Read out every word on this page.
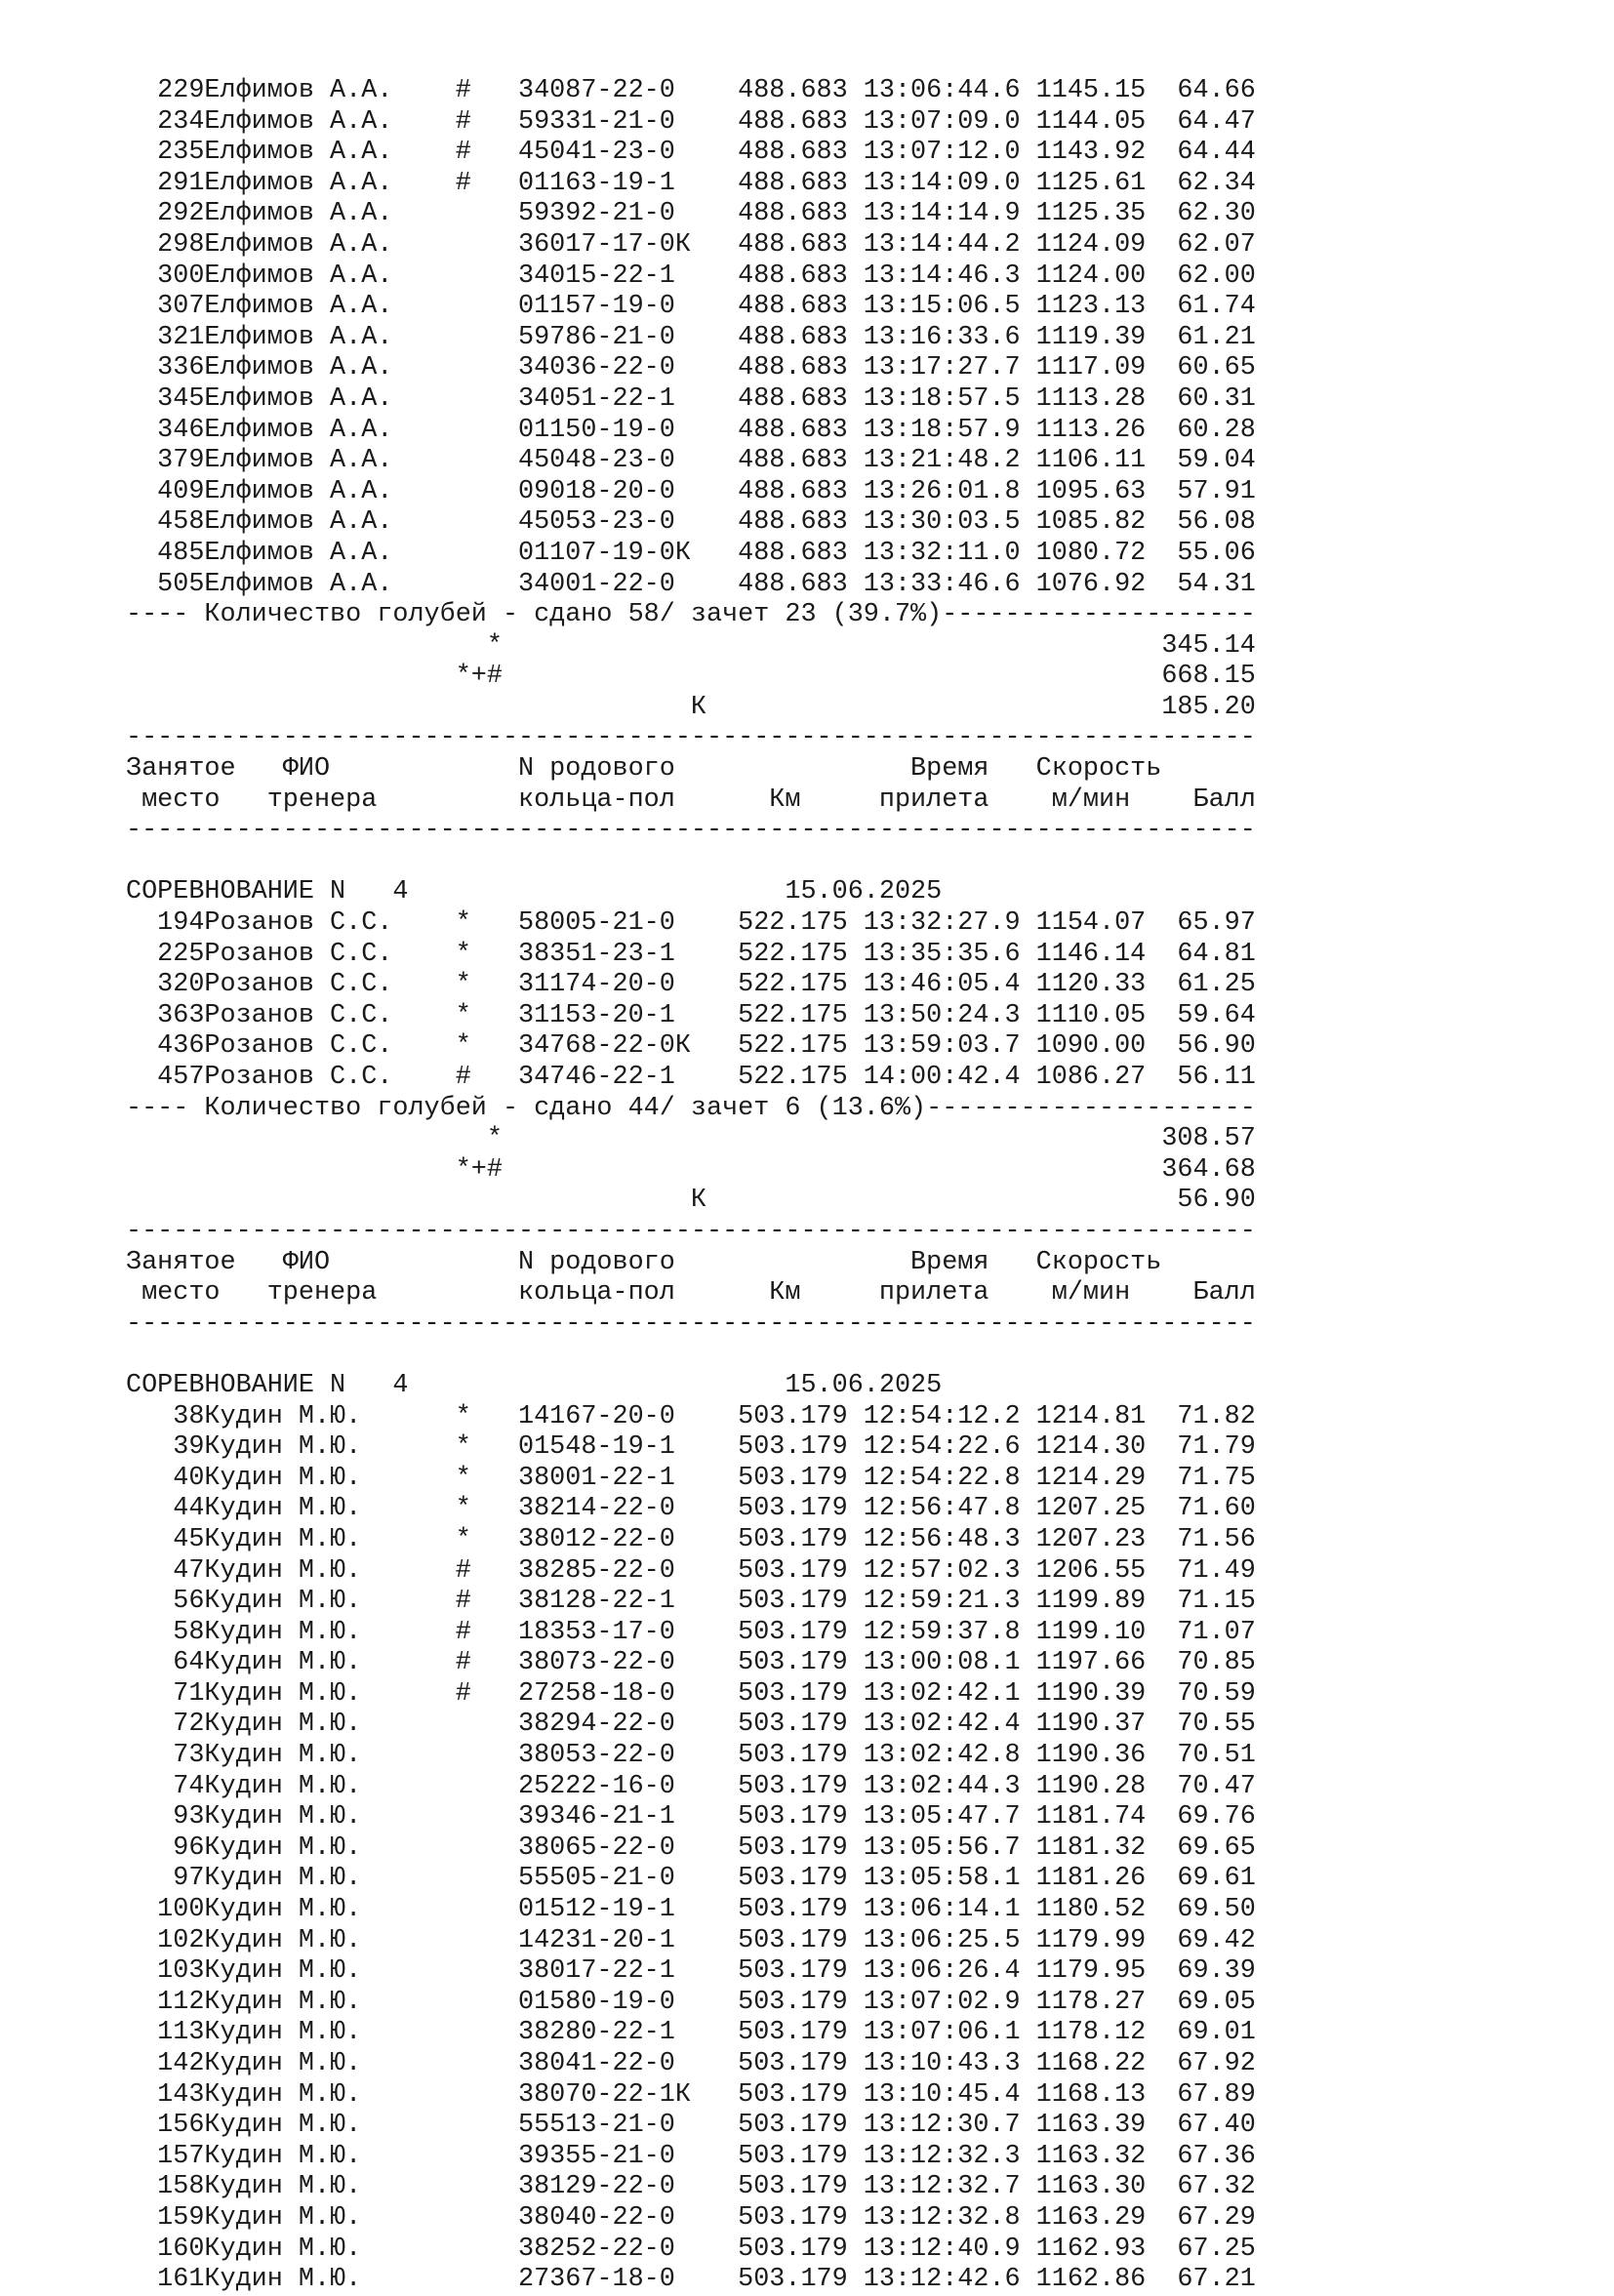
229Елфимов А.А.    #   34087-22-0    488.683 13:06:44.6 1145.15  64.66
234Елфимов А.А.    #   59331-21-0    488.683 13:07:09.0 1144.05  64.47
235Елфимов А.А.    #   45041-23-0    488.683 13:07:12.0 1143.92  64.44
291Елфимов А.А.    #   01163-19-1    488.683 13:14:09.0 1125.61  62.34
292Елфимов А.А.        59392-21-0    488.683 13:14:14.9 1125.35  62.30
298Елфимов А.А.        36017-17-0К   488.683 13:14:44.2 1124.09  62.07
300Елфимов А.А.        34015-22-1    488.683 13:14:46.3 1124.00  62.00
307Елфимов А.А.        01157-19-0    488.683 13:15:06.5 1123.13  61.74
321Елфимов А.А.        59786-21-0    488.683 13:16:33.6 1119.39  61.21
336Елфимов А.А.        34036-22-0    488.683 13:17:27.7 1117.09  60.65
345Елфимов А.А.        34051-22-1    488.683 13:18:57.5 1113.28  60.31
346Елфимов А.А.        01150-19-0    488.683 13:18:57.9 1113.26  60.28
379Елфимов А.А.        45048-23-0    488.683 13:21:48.2 1106.11  59.04
409Елфимов А.А.        09018-20-0    488.683 13:26:01.8 1095.63  57.91
458Елфимов А.А.        45053-23-0    488.683 13:30:03.5 1085.82  56.08
485Елфимов А.А.        01107-19-0К   488.683 13:32:11.0 1080.72  55.06
505Елфимов А.А.        34001-22-0    488.683 13:33:46.6 1076.92  54.31
---- Количество голубей - сдано 58/ зачет 23 (39.7%)--------------------
*                                          345.14
*+#                                          668.15
К                             185.20
------------------------------------------------------------------------
Занятое   ФИО            N родового               Время   Скорость
место   тренера         кольца-пол      Км     прилета    м/мин    Балл
------------------------------------------------------------------------
СОРЕВНОВАНИЕ N   4                        15.06.2025
194Розанов С.С.    *   58005-21-0    522.175 13:32:27.9 1154.07  65.97
225Розанов С.С.    *   38351-23-1    522.175 13:35:35.6 1146.14  64.81
320Розанов С.С.    *   31174-20-0    522.175 13:46:05.4 1120.33  61.25
363Розанов С.С.    *   31153-20-1    522.175 13:50:24.3 1110.05  59.64
436Розанов С.С.    *   34768-22-0К   522.175 13:59:03.7 1090.00  56.90
457Розанов С.С.    #   34746-22-1    522.175 14:00:42.4 1086.27  56.11
---- Количество голубей - сдано 44/ зачет 6 (13.6%)---------------------
*                                          308.57
*+#                                          364.68
К                              56.90
------------------------------------------------------------------------
Занятое   ФИО            N родового               Время   Скорость
место   тренера         кольца-пол      Км     прилета    м/мин    Балл
------------------------------------------------------------------------
СОРЕВНОВАНИЕ N   4                        15.06.2025
38Кудин М.Ю.      *   14167-20-0    503.179 12:54:12.2 1214.81  71.82
39Кудин М.Ю.      *   01548-19-1    503.179 12:54:22.6 1214.30  71.79
40Кудин М.Ю.      *   38001-22-1    503.179 12:54:22.8 1214.29  71.75
44Кудин М.Ю.      *   38214-22-0    503.179 12:56:47.8 1207.25  71.60
45Кудин М.Ю.      *   38012-22-0    503.179 12:56:48.3 1207.23  71.56
47Кудин М.Ю.      #   38285-22-0    503.179 12:57:02.3 1206.55  71.49
56Кудин М.Ю.      #   38128-22-1    503.179 12:59:21.3 1199.89  71.15
58Кудин М.Ю.      #   18353-17-0    503.179 12:59:37.8 1199.10  71.07
64Кудин М.Ю.      #   38073-22-0    503.179 13:00:08.1 1197.66  70.85
71Кудин М.Ю.      #   27258-18-0    503.179 13:02:42.1 1190.39  70.59
72Кудин М.Ю.          38294-22-0    503.179 13:02:42.4 1190.37  70.55
73Кудин М.Ю.          38053-22-0    503.179 13:02:42.8 1190.36  70.51
74Кудин М.Ю.          25222-16-0    503.179 13:02:44.3 1190.28  70.47
93Кудин М.Ю.          39346-21-1    503.179 13:05:47.7 1181.74  69.76
96Кудин М.Ю.          38065-22-0    503.179 13:05:56.7 1181.32  69.65
97Кудин М.Ю.          55505-21-0    503.179 13:05:58.1 1181.26  69.61
100Кудин М.Ю.          01512-19-1    503.179 13:06:14.1 1180.52  69.50
102Кудин М.Ю.          14231-20-1    503.179 13:06:25.5 1179.99  69.42
103Кудин М.Ю.          38017-22-1    503.179 13:06:26.4 1179.95  69.39
112Кудин М.Ю.          01580-19-0    503.179 13:07:02.9 1178.27  69.05
113Кудин М.Ю.          38280-22-1    503.179 13:07:06.1 1178.12  69.01
142Кудин М.Ю.          38041-22-0    503.179 13:10:43.3 1168.22  67.92
143Кудин М.Ю.          38070-22-1К   503.179 13:10:45.4 1168.13  67.89
156Кудин М.Ю.          55513-21-0    503.179 13:12:30.7 1163.39  67.40
157Кудин М.Ю.          39355-21-0    503.179 13:12:32.3 1163.32  67.36
158Кудин М.Ю.          38129-22-0    503.179 13:12:32.7 1163.30  67.32
159Кудин М.Ю.          38040-22-0    503.179 13:12:32.8 1163.29  67.29
160Кудин М.Ю.          38252-22-0    503.179 13:12:40.9 1162.93  67.25
161Кудин М.Ю.          27367-18-0    503.179 13:12:42.6 1162.86  67.21
